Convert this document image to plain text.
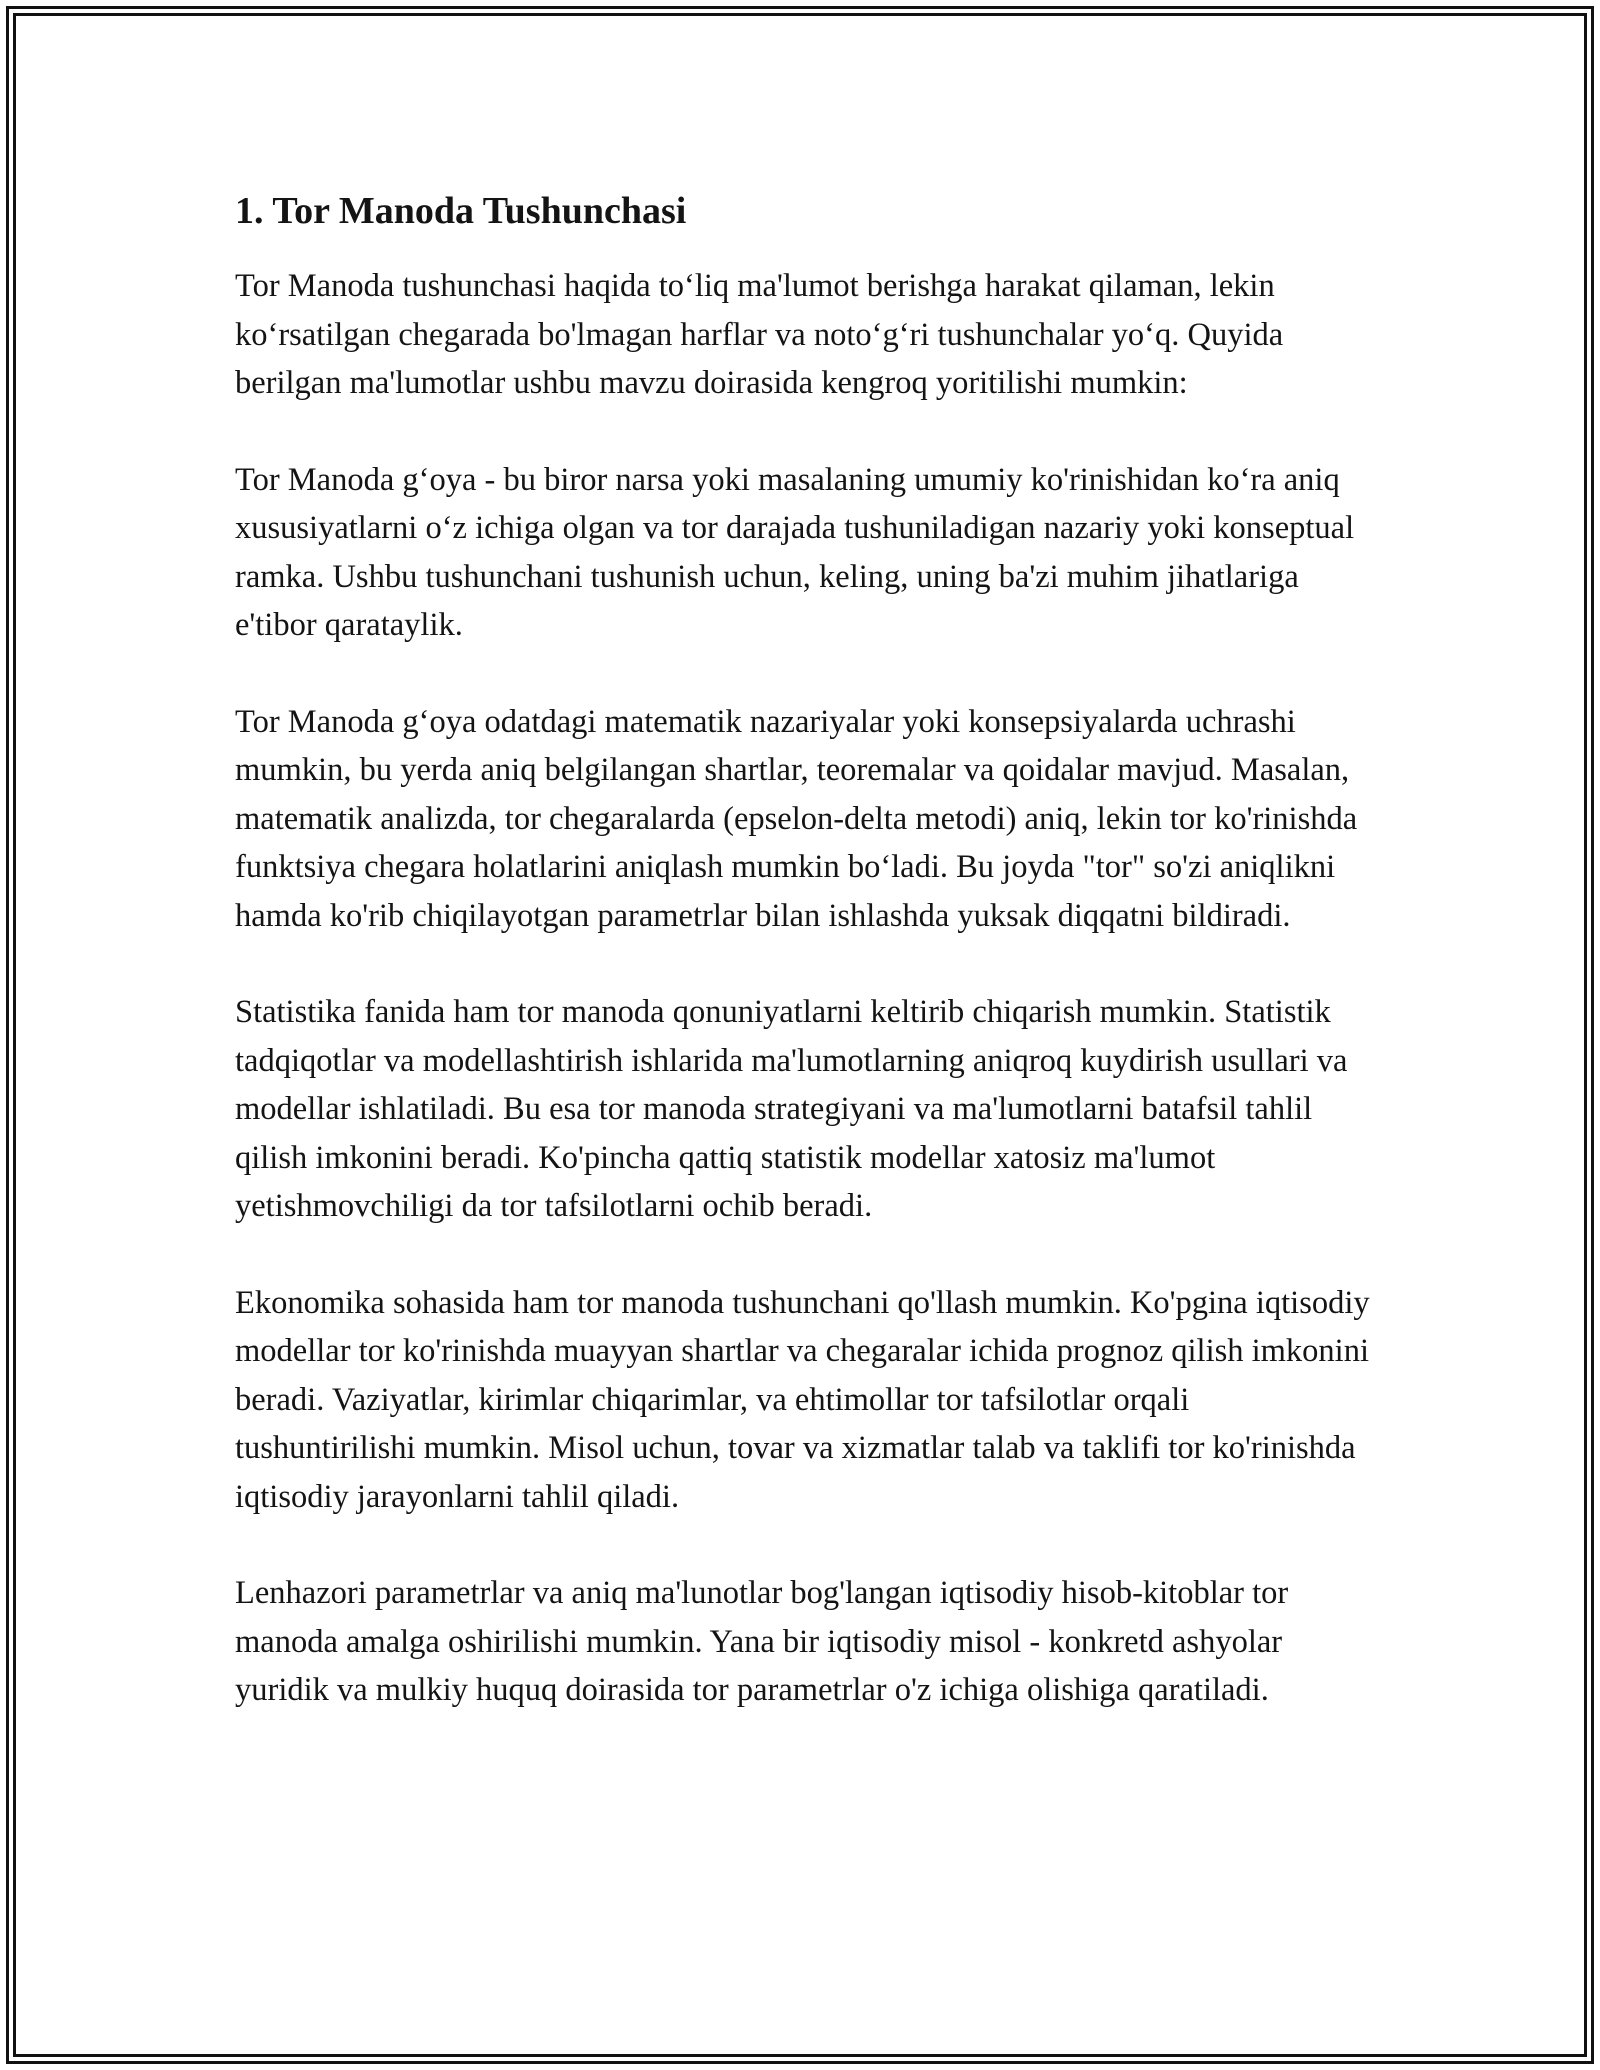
1. Tor Manoda Tushunchasi

Tor Manoda tushunchasi haqida to‘liq ma'lumot berishga harakat qilaman, lekin ko‘rsatilgan chegarada bo'lmagan harflar va noto‘g‘ri tushunchalar yo‘q. Quyida berilgan ma'lumotlar ushbu mavzu doirasida kengroq yoritilishi mumkin:

Tor Manoda g‘oya - bu biror narsa yoki masalaning umumiy ko'rinishidan ko‘ra aniq xususiyatlarni o‘z ichiga olgan va tor darajada tushuniladigan nazariy yoki konseptual ramka. Ushbu tushunchani tushunish uchun, keling, uning ba'zi muhim jihatlariga e'tibor qarataylik.

Tor Manoda g‘oya odatdagi matematik nazariyalar yoki konsepsiyalarda uchrashi mumkin, bu yerda aniq belgilangan shartlar, teoremalar va qoidalar mavjud. Masalan, matematik analizda, tor chegaralarda (epselon-delta metodi) aniq, lekin tor ko'rinishda funktsiya chegara holatlarini aniqlash mumkin bo‘ladi. Bu joyda "tor" so'zi aniqlikni hamda ko'rib chiqilayotgan parametrlar bilan ishlashda yuksak diqqatni bildiradi.

Statistika fanida ham tor manoda qonuniyatlarni keltirib chiqarish mumkin. Statistik tadqiqotlar va modellashtirish ishlarida ma'lumotlarning aniqroq kuydirish usullari va modellar ishlatiladi. Bu esa tor manoda strategiyani va ma'lumotlarni batafsil tahlil qilish imkonini beradi. Ko'pincha qattiq statistik modellar xatosiz ma'lumot yetishmovchiligi da tor tafsilotlarni ochib beradi.

Ekonomika sohasida ham tor manoda tushunchani qo'llash mumkin. Ko'pgina iqtisodiy modellar tor ko'rinishda muayyan shartlar va chegaralar ichida prognoz qilish imkonini beradi. Vaziyatlar, kirimlar chiqarimlar, va ehtimollar tor tafsilotlar orqali tushuntirilishi mumkin. Misol uchun, tovar va xizmatlar talab va taklifi tor ko'rinishda iqtisodiy jarayonlarni tahlil qiladi.

Lenhazori parametrlar va aniq ma'lunotlar bog'langan iqtisodiy hisob-kitoblar tor manoda amalga oshirilishi mumkin. Yana bir iqtisodiy misol - konkretd ashyolar yuridik va mulkiy huquq doirasida tor parametrlar o'z ichiga olishiga qaratiladi.
